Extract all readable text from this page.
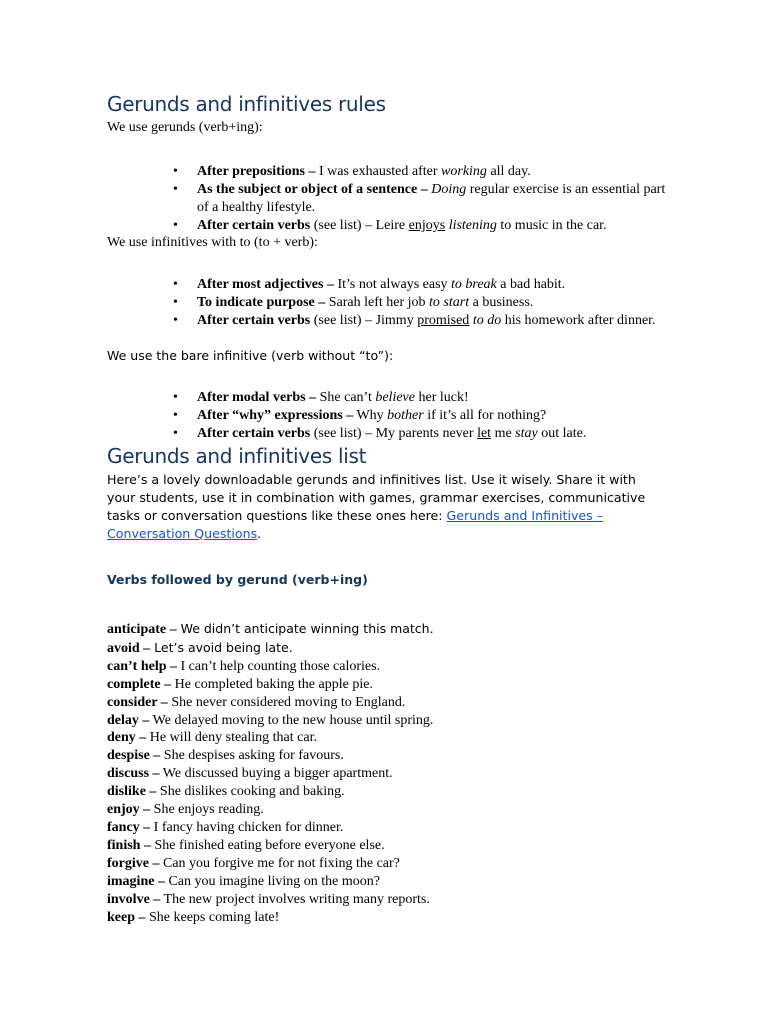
Gerunds and infinitives rules
We use gerunds (verb+ing):
• After prepositions – I was exhausted after working all day.
• As the subject or object of a sentence – Doing regular exercise is an essential part of a healthy lifestyle.
• After certain verbs (see list) – Leire enjoys listening to music in the car.
We use infinitives with to (to + verb):
• After most adjectives – It’s not always easy to break a bad habit.
• To indicate purpose – Sarah left her job to start a business.
• After certain verbs (see list) – Jimmy promised to do his homework after dinner.
We use the bare infinitive (verb without “to”):
• After modal verbs – She can’t believe her luck!
• After “why” expressions – Why bother if it’s all for nothing?
• After certain verbs (see list) – My parents never let me stay out late.
Gerunds and infinitives list
Here’s a lovely downloadable gerunds and infinitives list. Use it wisely. Share it with your students, use it in combination with games, grammar exercises, communicative tasks or conversation questions like these ones here: Gerunds and Infinitives – Conversation Questions.
Verbs followed by gerund (verb+ing)
anticipate – We didn’t anticipate winning this match.
avoid – Let’s avoid being late.
can’t help – I can’t help counting those calories.
complete – He completed baking the apple pie.
consider – She never considered moving to England.
delay – We delayed moving to the new house until spring.
deny – He will deny stealing that car.
despise – She despises asking for favours.
discuss – We discussed buying a bigger apartment.
dislike – She dislikes cooking and baking.
enjoy – She enjoys reading.
fancy – I fancy having chicken for dinner.
finish – She finished eating before everyone else.
forgive – Can you forgive me for not fixing the car?
imagine – Can you imagine living on the moon?
involve – The new project involves writing many reports.
keep – She keeps coming late!
